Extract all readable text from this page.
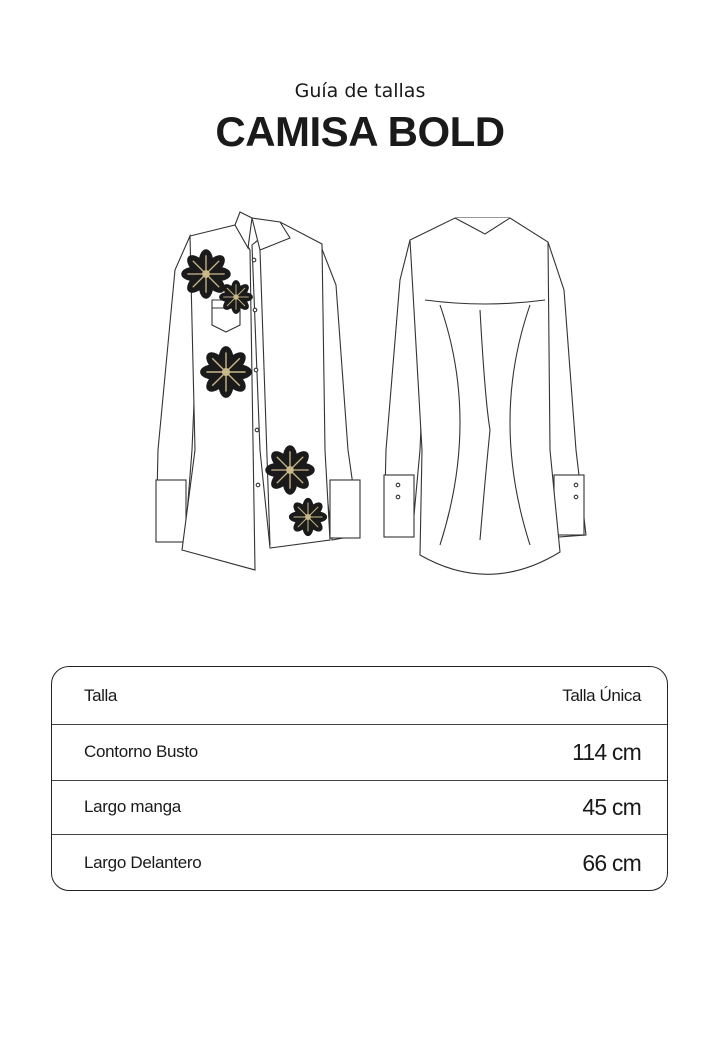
Guía de tallas
CAMISA BOLD
Talla	Talla Única
Contorno Busto	114 cm
Largo manga	45 cm
Largo Delantero	66 cm
